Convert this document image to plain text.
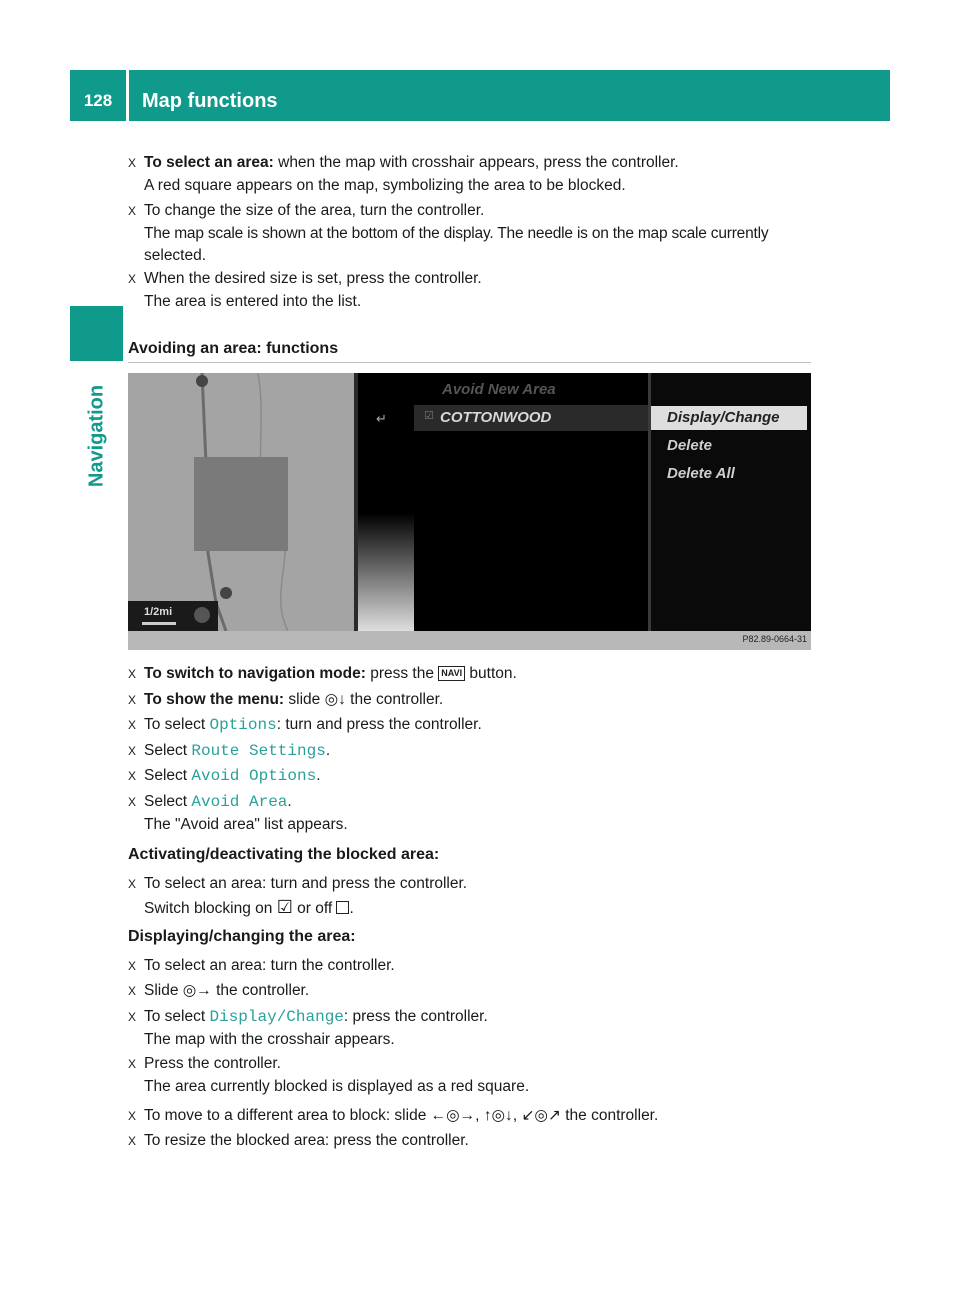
128	Map functions
Navigation
X To select an area: when the map with crosshair appears, press the controller.
A red square appears on the map, symbolizing the area to be blocked.
X To change the size of the area, turn the controller.
The map scale is shown at the bottom of the display. The needle is on the map scale currently
selected.
X When the desired size is set, press the controller.
The area is entered into the list.
Avoiding an area: functions
X To switch to navigation mode: press the NAVI button.
X To show the menu: slide ◎↓ the controller.
X To select Options: turn and press the controller.
X Select Route Settings.
X Select Avoid Options.
X Select Avoid Area.
The "Avoid area" list appears.
Activating/deactivating the blocked area:
X To select an area: turn and press the controller.
Switch blocking on ☑ or off .
Displaying/changing the area:
X To select an area: turn the controller.
X Slide ◎→ the controller.
X To select Display/Change: press the controller.
The map with the crosshair appears.
X Press the controller.
The area currently blocked is displayed as a red square.
X To move to a different area to block: slide ←◎→, ↑◎↓, ↙◎↗ the controller.
X To resize the blocked area: press the controller.
1/2mi
Avoid New Area
☑ COTTONWOOD
↵	Display/Change
Delete
Delete All
P82.89-0664-31
